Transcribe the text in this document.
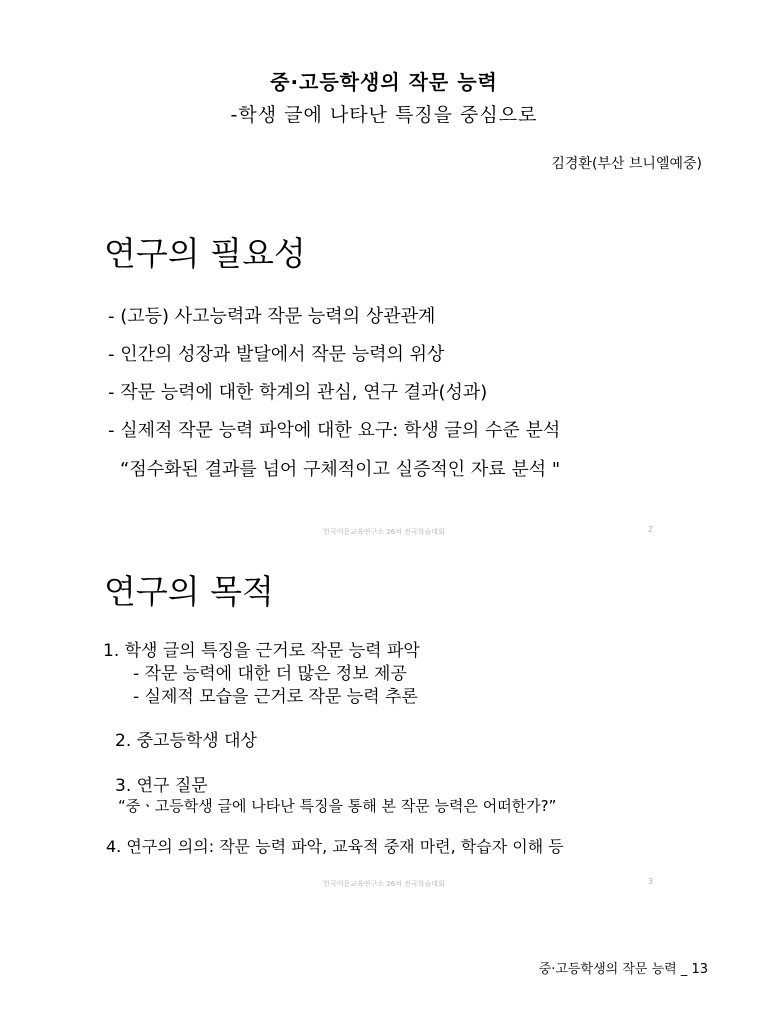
중·고등학생의 작문 능력
-학생 글에 나타난 특징을 중심으로
김경환(부산 브니엘예중)
연구의 필요성
- (고등) 사고능력과 작문 능력의 상관관계
- 인간의 성장과 발달에서 작문 능력의 위상
- 작문 능력에 대한 학계의 관심, 연구 결과(성과)
- 실제적 작문 능력 파악에 대한 요구: 학생 글의 수준 분석
“점수화된 결과를 넘어 구체적이고 실증적인 자료 분석 "
한국어문교육연구소 26차 전국학술대회	2
연구의 목적
1. 학생 글의 특징을 근거로 작문 능력 파악
- 작문 능력에 대한 더 많은 정보 제공
- 실제적 모습을 근거로 작문 능력 추론
2. 중고등학생 대상
3. 연구 질문
“중ㆍ고등학생 글에 나타난 특징을 통해 본 작문 능력은 어떠한가?”
4. 연구의 의의: 작문 능력 파악, 교육적 중재 마련, 학습자 이해 등
한국어문교육연구소 26차 전국학술대회	3
중·고등학생의 작문 능력 _ 13
